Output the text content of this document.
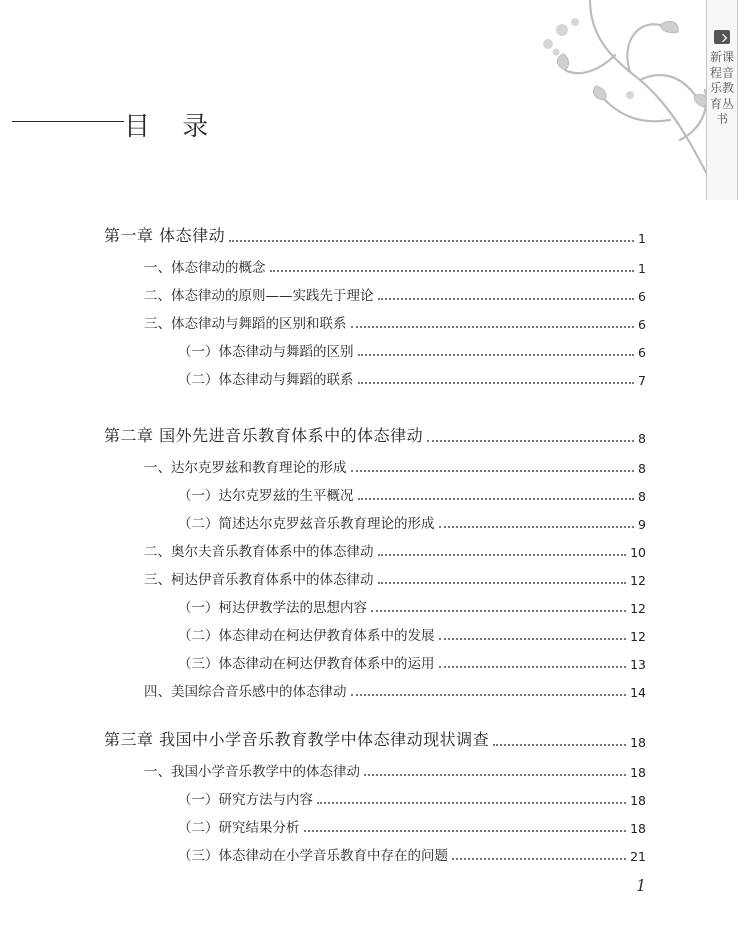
新课程音乐教育丛书
目 录
第一章 体态律动	1
一、体态律动的概念	1
二、体态律动的原则——实践先于理论	6
三、体态律动与舞蹈的区别和联系	6
（一）体态律动与舞蹈的区别	6
（二）体态律动与舞蹈的联系	7
第二章 国外先进音乐教育体系中的体态律动	8
一、达尔克罗兹和教育理论的形成	8
（一）达尔克罗兹的生平概况	8
（二）简述达尔克罗兹音乐教育理论的形成	9
二、奥尔夫音乐教育体系中的体态律动	10
三、柯达伊音乐教育体系中的体态律动	12
（一）柯达伊教学法的思想内容	12
（二）体态律动在柯达伊教育体系中的发展	12
（三）体态律动在柯达伊教育体系中的运用	13
四、美国综合音乐感中的体态律动	14
第三章 我国中小学音乐教育教学中体态律动现状调查	18
一、我国小学音乐教学中的体态律动	18
（一）研究方法与内容	18
（二）研究结果分析	18
（三）体态律动在小学音乐教育中存在的问题	21
1
